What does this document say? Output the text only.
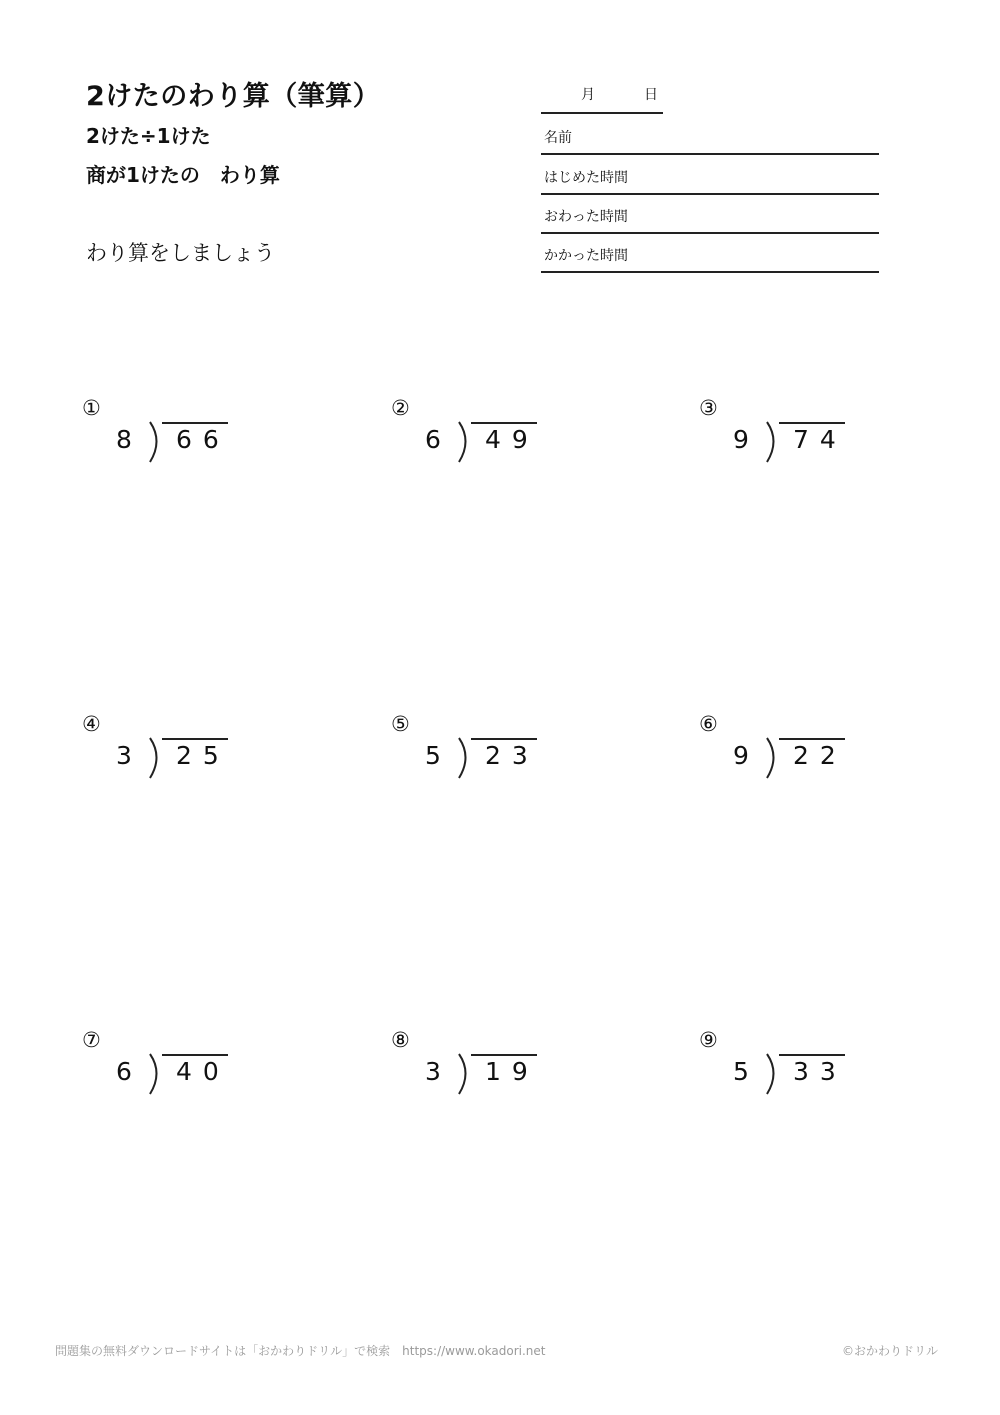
2けたのわり算（筆算）
2けた÷1けた
商が1けたの　わり算
わり算をしましょう
月	日
名前
はじめた時間
おわった時間
かかった時間
①
8 66
②
6 49
③
9 74
④
3 25
⑤
5 23
⑥
9 22
⑦
6 40
⑧
3 19
⑨
5 33
問題集の無料ダウンロードサイトは「おかわりドリル」で検索　https://www.okadori.net	©おかわりドリル
